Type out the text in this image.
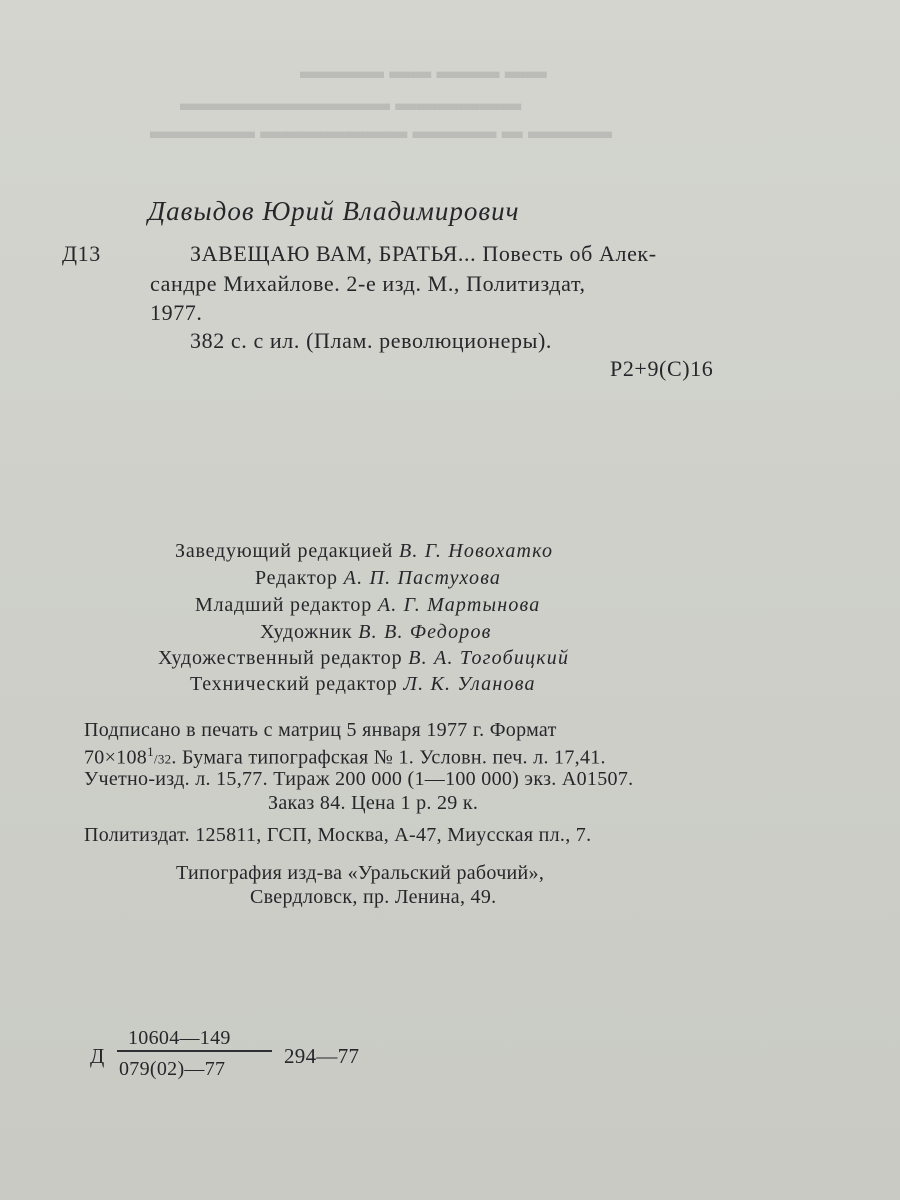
▬▬ ▬▬▬ ▬▬ ▬▬▬▬
▬▬▬▬▬▬ ▬▬▬▬▬▬▬▬▬▬
▬▬▬▬ ▬ ▬▬▬▬ ▬▬▬▬▬▬▬ ▬▬▬▬▬
Давыдов Юрий Владимирович
Д13	ЗАВЕЩАЮ ВАМ, БРАТЬЯ... Повесть об Алек-
сандре Михайлове. 2-е изд. М., Политиздат,
1977.
382 с. с ил. (Плам. революционеры).
Р2+9(С)16
Заведующий редакцией В. Г. Новохатко
Редактор А. П. Пастухова
Младший редактор А. Г. Мартынова
Художник В. В. Федоров
Художественный редактор В. А. Тогобицкий
Технический редактор Л. К. Уланова
Подписано в печать с матриц 5 января 1977 г. Формат
$70\times 108^1/32$. Бумага типографская № 1. Условн. печ. л. 17,41.
Учетно-изд. л. 15,77. Тираж 200 000 (1—100 000) экз. А01507.
Заказ 84. Цена 1 р. 29 к.
Политиздат. 125811, ГСП, Москва, А-47, Миусская пл., 7.
Типография изд-ва «Уральский рабочий»,
Свердловск, пр. Ленина, 49.
Д
10604—149
079(02)—77
294—77
